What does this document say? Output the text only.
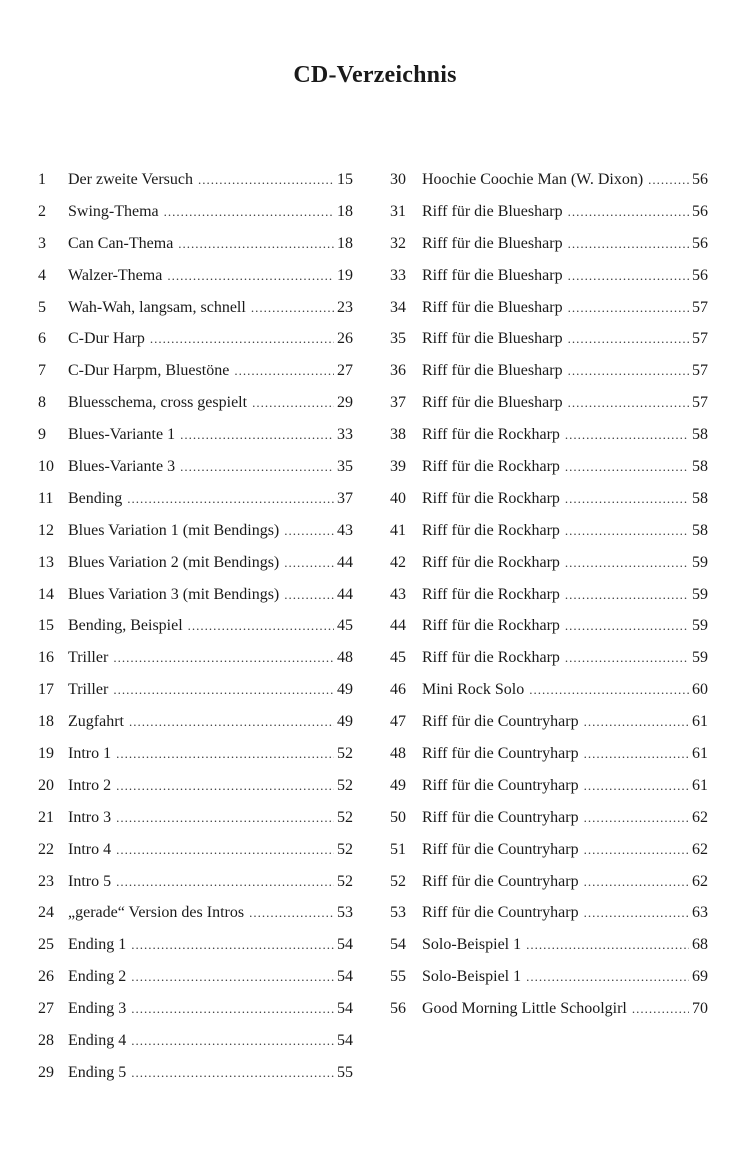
CD-Verzeichnis
1	Der zweite Versuch .....	15
2	Swing-Thema .....	18
3	Can Can-Thema .....	18
4	Walzer-Thema .....	19
5	Wah-Wah, langsam, schnell .....	23
6	C-Dur Harp .....	26
7	C-Dur Harpm, Bluestöne .....	27
8	Bluesschema, cross gespielt .....	29
9	Blues-Variante 1 .....	33
10 Blues-Variante 3 .....	35
11 Bending .....	37
12 Blues Variation 1 (mit Bendings) .....	43
13 Blues Variation 2 (mit Bendings) .....	44
14 Blues Variation 3 (mit Bendings) .....	44
15 Bending, Beispiel .....	45
16 Triller .....	48
17 Triller .....	49
18 Zugfahrt .....	49
19 Intro 1 .....	52
20 Intro 2 .....	52
21 Intro 3 .....	52
22 Intro 4 .....	52
23 Intro 5 .....	52
24 „gerade“ Version des Intros .....	53
25 Ending 1 .....	54
26 Ending 2 .....	54
27 Ending 3 .....	54
28 Ending 4 .....	54
29 Ending 5 .....	55
30	Hoochie Coochie Man (W. Dixon) .....	56
31	Riff für die Bluesharp .....	56
32	Riff für die Bluesharp .....	56
33	Riff für die Bluesharp .....	56
34	Riff für die Bluesharp .....	57
35	Riff für die Bluesharp .....	57
36	Riff für die Bluesharp .....	57
37	Riff für die Bluesharp .....	57
38	Riff für die Rockharp .....	58
39	Riff für die Rockharp .....	58
40	Riff für die Rockharp .....	58
41	Riff für die Rockharp .....	58
42	Riff für die Rockharp .....	59
43	Riff für die Rockharp .....	59
44	Riff für die Rockharp .....	59
45	Riff für die Rockharp .....	59
46	Mini Rock Solo .....	60
47	Riff für die Countryharp .....	61
48	Riff für die Countryharp .....	61
49	Riff für die Countryharp .....	61
50	Riff für die Countryharp .....	62
51	Riff für die Countryharp .....	62
52	Riff für die Countryharp .....	62
53	Riff für die Countryharp .....	63
54	Solo-Beispiel 1 .....	68
55	Solo-Beispiel 1 .....	69
56	Good Morning Little Schoolgirl .....	70
